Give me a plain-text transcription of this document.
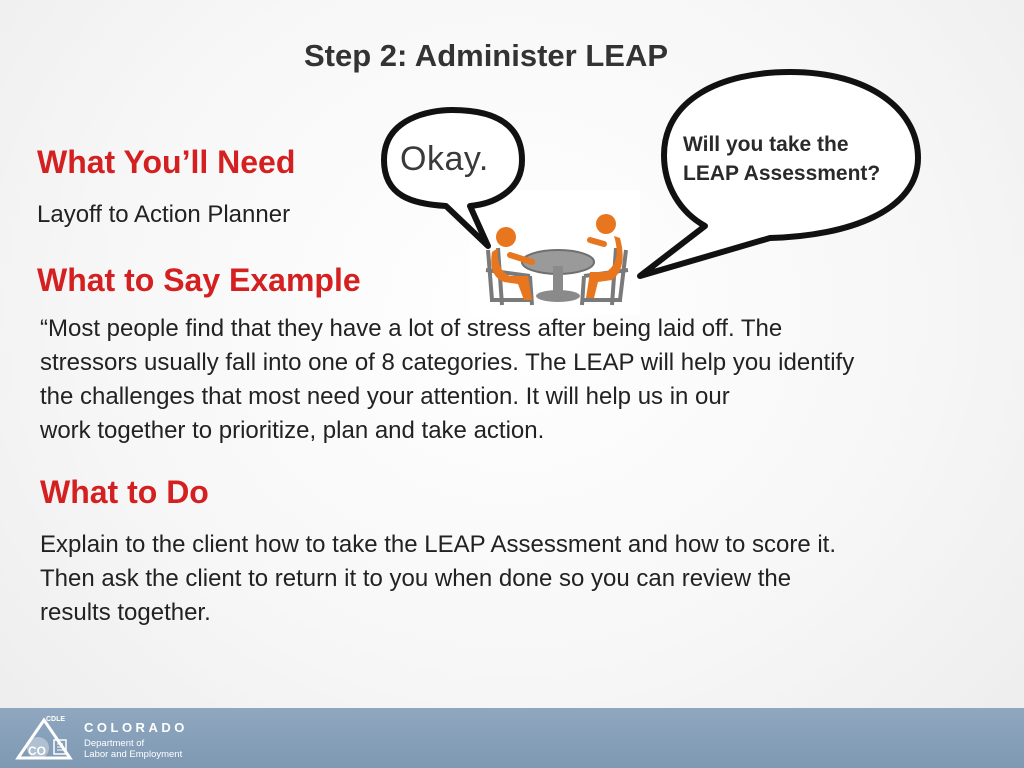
Step 2: Administer LEAP
What You’ll Need
Layoff to Action Planner
Okay.	Will you take the
LEAP Assessment?
What to Say Example
“Most people find that they have a lot of stress after being laid off. The
stressors usually fall into one of 8 categories. The LEAP will help you identify
the challenges that most need your attention. It will help us in our
work together to prioritize, plan and take action.
What to Do
Explain to the client how to take the LEAP Assessment and how to score it.
Then ask the client to return it to you when done so you can review the
results together.
CDLE
CO
COLORADO
Department of
Labor and Employment
